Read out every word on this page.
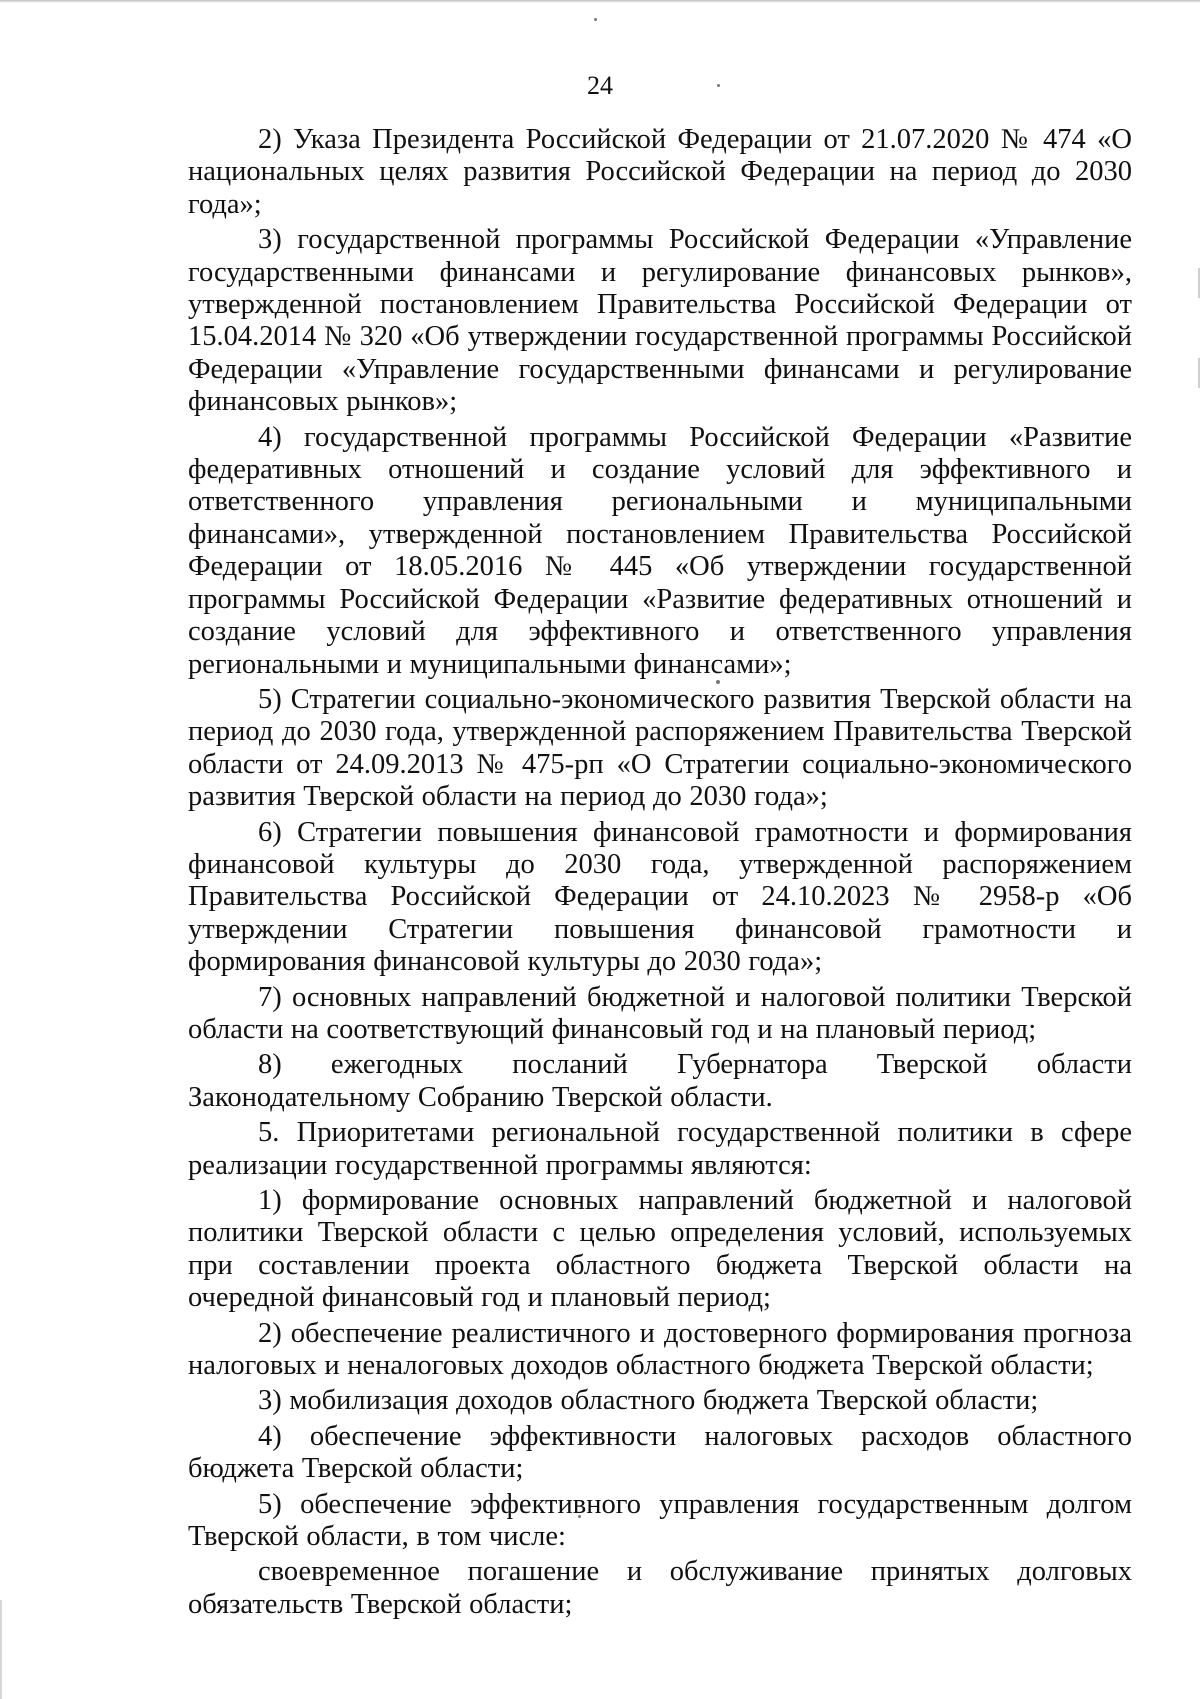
24

2) Указа Президента Российской Федерации от 21.07.2020 № 474 «О национальных целях развития Российской Федерации на период до 2030 года»;

3) государственной программы Российской Федерации «Управление государственными финансами и регулирование финансовых рынков», утвержденной постановлением Правительства Российской Федерации от 15.04.2014 № 320 «Об утверждении государственной программы Российской Федерации «Управление государственными финансами и регулирование финансовых рынков»;

4) государственной программы Российской Федерации «Развитие федеративных отношений и создание условий для эффективного и ответственного управления региональными и муниципальными финансами», утвержденной постановлением Правительства Российской Федерации от 18.05.2016 № 445 «Об утверждении государственной программы Российской Федерации «Развитие федеративных отношений и создание условий для эффективного и ответственного управления региональными и муниципальными финансами»;

5) Стратегии социально-экономического развития Тверской области на период до 2030 года, утвержденной распоряжением Правительства Тверской области от 24.09.2013 № 475-рп «О Стратегии социально-экономического развития Тверской области на период до 2030 года»;

6) Стратегии повышения финансовой грамотности и формирования финансовой культуры до 2030 года, утвержденной распоряжением Правительства Российской Федерации от 24.10.2023 № 2958-р «Об утверждении Стратегии повышения финансовой грамотности и формирования финансовой культуры до 2030 года»;

7) основных направлений бюджетной и налоговой политики Тверской области на соответствующий финансовый год и на плановый период;

8) ежегодных посланий Губернатора Тверской области Законодательному Собранию Тверской области.

5. Приоритетами региональной государственной политики в сфере реализации государственной программы являются:

1) формирование основных направлений бюджетной и налоговой политики Тверской области с целью определения условий, используемых при составлении проекта областного бюджета Тверской области на очередной финансовый год и плановый период;

2) обеспечение реалистичного и достоверного формирования прогноза налоговых и неналоговых доходов областного бюджета Тверской области;

3) мобилизация доходов областного бюджета Тверской области;

4) обеспечение эффективности налоговых расходов областного бюджета Тверской области;

5) обеспечение эффективного управления государственным долгом Тверской области, в том числе:

своевременное погашение и обслуживание принятых долговых обязательств Тверской области;
